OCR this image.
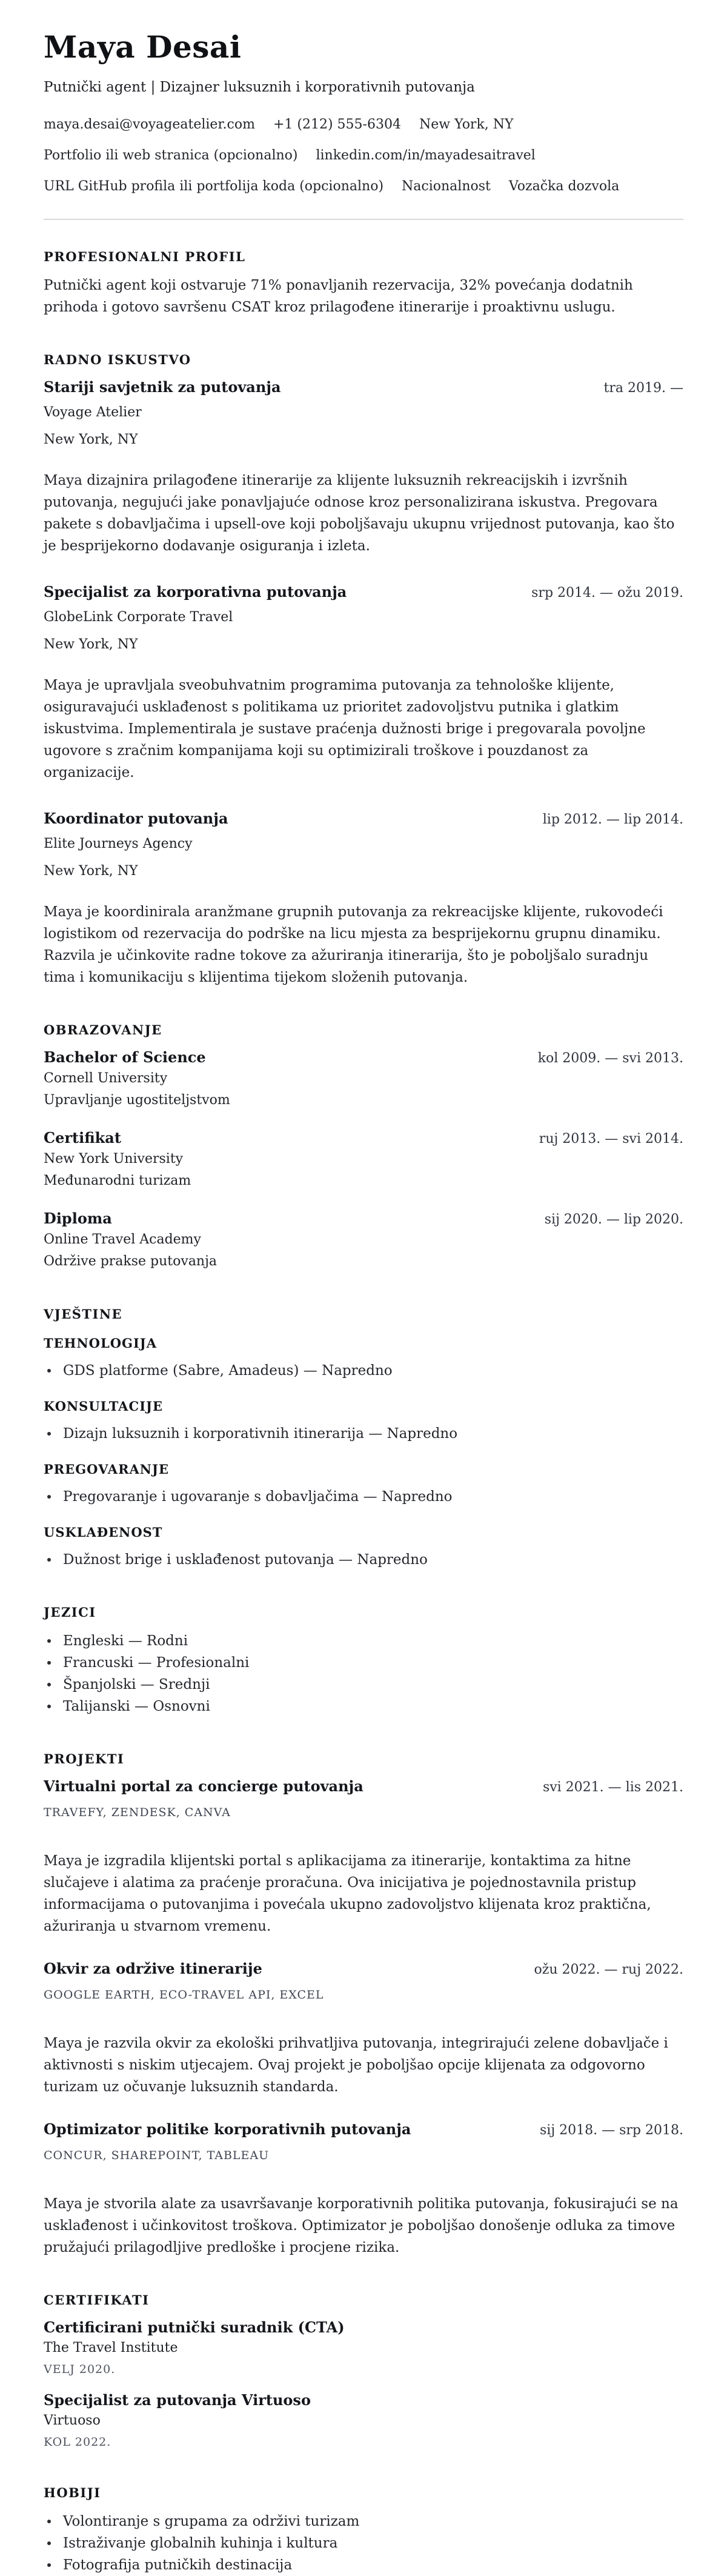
Maya Desai
Putnički agent | Dizajner luksuznih i korporativnih putovanja
maya.desai@voyageatelier.com +1 (212) 555-6304 New York, NY
Portfolio ili web stranica (opcionalno) linkedin.com/in/mayadesaitravel
URL GitHub profila ili portfolija koda (opcionalno) Nacionalnost Vozačka dozvola
PROFESIONALNI PROFIL

Putnički agent koji ostvaruje 71% ponavljanih rezervacija, 32% povećanja dodatnih prihoda i gotovo savršenu CSAT kroz prilagođene itinerarije i proaktivnu uslugu.

RADNO ISKUSTVO
Stariji savjetnik za putovanja	tra 2019. —
Voyage Atelier
New York, NY

Maya dizajnira prilagođene itinerarije za klijente luksuznih rekreacijskih i izvršnih putovanja, negujući jake ponavljajuće odnose kroz personalizirana iskustva. Pregovara pakete s dobavljačima i upsell-ove koji poboljšavaju ukupnu vrijednost putovanja, kao što je besprijekorno dodavanje osiguranja i izleta.

Specijalist za korporativna putovanja	srp 2014. — ožu 2019.
GlobeLink Corporate Travel
New York, NY

Maya je upravljala sveobuhvatnim programima putovanja za tehnološke klijente, osiguravajući usklađenost s politikama uz prioritet zadovoljstvu putnika i glatkim iskustvima. Implementirala je sustave praćenja dužnosti brige i pregovarala povoljne ugovore s zračnim kompanijama koji su optimizirali troškove i pouzdanost za organizacije.

Koordinator putovanja	lip 2012. — lip 2014.
Elite Journeys Agency
New York, NY

Maya je koordinirala aranžmane grupnih putovanja za rekreacijske klijente, rukovodeći logistikom od rezervacija do podrške na licu mjesta za besprijekornu grupnu dinamiku. Razvila je učinkovite radne tokove za ažuriranja itinerarija, što je poboljšalo suradnju tima i komunikaciju s klijentima tijekom složenih putovanja.

OBRAZOVANJE
Bachelor of Science	kol 2009. — svi 2013.
Cornell University
Upravljanje ugostiteljstvom
Certifikat	ruj 2013. — svi 2014.
New York University
Međunarodni turizam
Diploma	sij 2020. — lip 2020.
Online Travel Academy
Održive prakse putovanja
VJEŠTINE
TEHNOLOGIJA
GDS platforme (Sabre, Amadeus) — Napredno
KONSULTACIJE
Dizajn luksuznih i korporativnih itinerarija — Napredno
PREGOVARANJE
Pregovaranje i ugovaranje s dobavljačima — Napredno
USKLAĐENOST
Dužnost brige i usklađenost putovanja — Napredno
JEZICI
Engleski — Rodni
Francuski — Profesionalni
Španjolski — Srednji
Talijanski — Osnovni
PROJEKTI
Virtualni portal za concierge putovanja	svi 2021. — lis 2021.
TRAVEFY, ZENDESK, CANVA

Maya je izgradila klijentski portal s aplikacijama za itinerarije, kontaktima za hitne slučajeve i alatima za praćenje proračuna. Ova inicijativa je pojednostavnila pristup informacijama o putovanjima i povećala ukupno zadovoljstvo klijenata kroz praktična, ažuriranja u stvarnom vremenu.

Okvir za održive itinerarije	ožu 2022. — ruj 2022.
GOOGLE EARTH, ECO-TRAVEL API, EXCEL

Maya je razvila okvir za ekološki prihvatljiva putovanja, integrirajući zelene dobavljače i aktivnosti s niskim utjecajem. Ovaj projekt je poboljšao opcije klijenata za odgovorno turizam uz očuvanje luksuznih standarda.

Optimizator politike korporativnih putovanja	sij 2018. — srp 2018.
CONCUR, SHAREPOINT, TABLEAU

Maya je stvorila alate za usavršavanje korporativnih politika putovanja, fokusirajući se na usklađenost i učinkovitost troškova. Optimizator je poboljšao donošenje odluka za timove pružajući prilagodljive predloške i procjene rizika.

CERTIFIKATI
Certificirani putnički suradnik (CTA)
The Travel Institute
VELJ 2020.
Specijalist za putovanja Virtuoso
Virtuoso
KOL 2022.
HOBIJI
Volontiranje s grupama za održivi turizam
Istraživanje globalnih kuhinja i kultura
Fotografija putničkih destinacija
